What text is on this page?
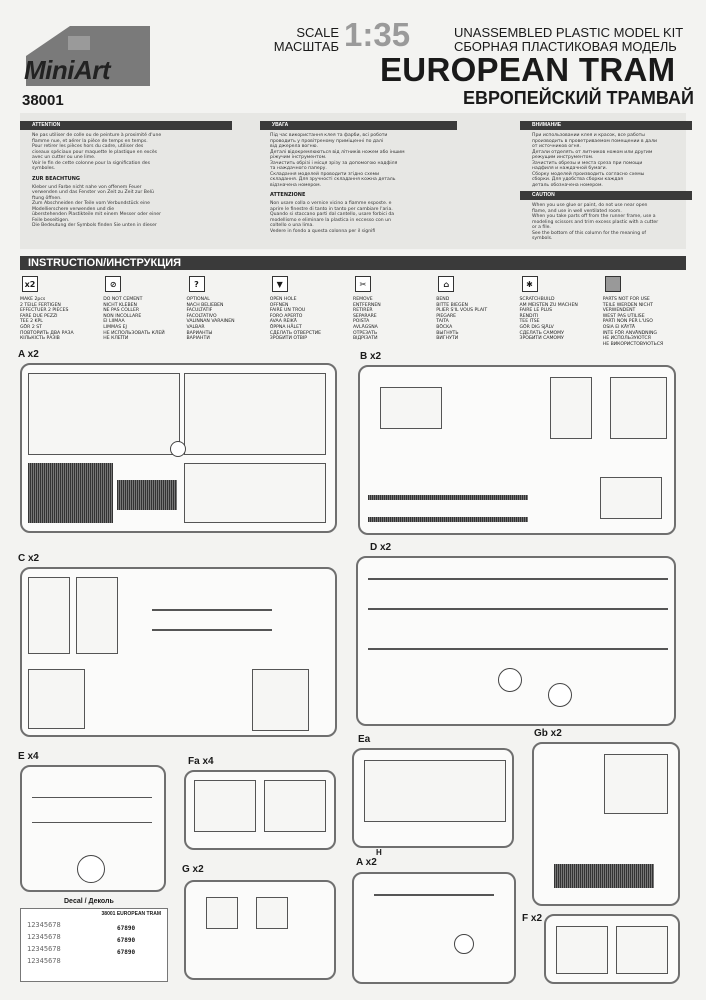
MiniArt
38001
SCALE
МАСШТАБ 1:35	UNASSEMBLED PLASTIC MODEL KIT
СБОРНАЯ ПЛАСТИКОВАЯ МОДЕЛЬ
EUROPEAN TRAM
ЕВРОПЕЙСКИЙ ТРАМВАЙ
ATTENTION
Ne pas utiliser de colle ou de peinture à proximité d'une
flamme nue, et aérer la pièce de temps en temps.
Pour retirer les pièces hors du cadre, utiliser des
ciseaux spéciaux pour maquette le plastique en excès
avec un cutter ou une lime.
Voir le fin de cette colonne pour la signification des
symboles.
ZUR BEACHTUNG
Kleber und Farbe nicht nahe von offenem Feuer
verwenden und das Fenster von Zeit zu Zeit zur Belü
ftung öffnen.
Zum Abschneiden der Teile vom Verbundstück eine
Modellierschere verwenden und die
überstehenden Plastikteile mit einem Messer oder einer
Feile beseitigen.
Die Bedeutung der Symbols finden Sie unten in dieser
УВАГА
Під час використання клея та фарби, всі роботи
проводить у провітреному приміщенні по далі
від джерела вогню.
Деталі відокремлюються від літників ножем або іншим
ріжучим інструментом.
Зачистить обрізі і місця зрізу за допомогою надфіля
та наждачного паперу.
Складання моделей проводити згідно схеми
складання. Для зручності складання кожна деталь
відзначена номером.
ATTENZIONE
Non usare colla o vernice vicino a fiamme esposte. e
aprire le finestre di tanto in tanto per cambiare l'aria.
Quando si staccano parti dal cantello, usare forbici da
modellismo e eliminare la plastica in eccesso con un
coltello o una lima.
Vedere in fondo a questa colonna per il signifi
ВНИМАНИЕ
При использовании клея и красок, все работы
производить в проветриваемом помещении в дали
от источников огня.
Детали отделять от литников ножом или другим
режущим инструментом.
Зачистить обрезы и места среза при помощи
надфиля и наждачной бумаги.
Сборку моделей производить согласно схемы
сборки. Для удобства сборки каждая
деталь обозначена номером.
CAUTION
When you use glue or paint, do not use near open
flame, and use in well ventilated room.
When you take parts off from the runner frame, use a
modeling scissors and trim excess plastic with a cutter
or a file.
See the bottom of this column for the meaning of
symbols.
INSTRUCTION/ИНСТРУКЦИЯ
x2
MAKE 2pcs
2 TEILE FERTIGEN
EFFECTUER 2 PIECES
FARE DUE PEZZI
TEE 2 KPL
GÖR 2 ST
ПОВТОРИТЬ ДВА РАЗА
КІЛЬКІСТЬ РАЗІВ
⊘
DO NOT CEMENT
NICHT KLEBEN
NE PAS COLLER
NON INCOLLARE
EI LIIMAA
LIMMAS EJ
НЕ ИСПОЛЬЗОВАТЬ КЛЕЙ
НЕ КЛЕЇТИ
?
OPTIONAL
NACH BELIEBEN
FACULTATIF
FACOLTATIVO
VALINNAN VARAINEN
VALBAR
ВАРИАНТЫ
ВАРІАНТИ
▼
OPEN HOLE
OFFNEN
FAIRE UN TROU
FORO APERTO
AVAA REIKÄ
ÖPPNA HÅLET
СДЕЛАТЬ ОТВЕРСТИЕ
ЗРОБИТИ ОТВІР
✂
REMOVE
ENTFERNEN
RETIRER
SEPARARE
POISTA
AVLÄGSNA
ОТРЕЗАТЬ
ВІДРІЗАТИ
⌂
BEND
BITTE BIEGEN
PLIER S'IL VOUS PLAIT
PIEGARE
TAITA
BÖCKA
ВЫГНУТЬ
ВИГНУТИ
✱
SCRATCHBUILD
AM MEISTEN ZU MACHEN
FAIRE LE PLUS
RENDITI
TEE ITSE
GÖR DIG SJÄLV
СДЕЛАТЬ САМОМУ
ЗРОБИТИ САМОМУ
PARTS NOT FOR USE
TEILE WERDEN NICHT VERWENDENT
WEST PAS UTILISE
PARTI NON PER L'USO
OSIA EI KÄYTÄ
INTE FÖR ANVÄNDNING
НЕ ИСПОЛЬЗУЮТСЯ
НЕ ВИКОРИСТОВУЮТЬСЯ
A x2	B x2
C x2
D x2
E x4	Fa x4
Ea
H
Gb x2
G x2
A x2
F x2
Decal / Деколь
38001 EUROPEAN TRAM
12345678
12345678
12345678
12345678
67890
67890
67890
